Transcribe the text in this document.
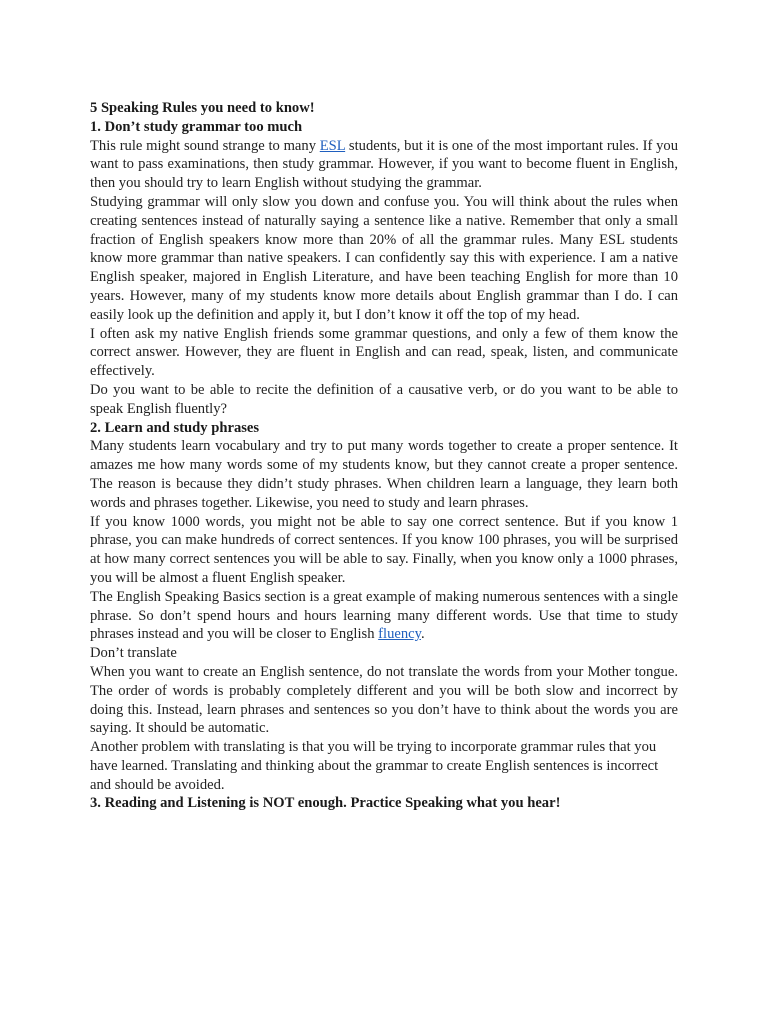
5 Speaking Rules you need to know!

1. Don’t study grammar too much

This rule might sound strange to many ESL students, but it is one of the most important rules. If you want to pass examinations, then study grammar. However, if you want to become fluent in English, then you should try to learn English without studying the grammar.

Studying grammar will only slow you down and confuse you. You will think about the rules when creating sentences instead of naturally saying a sentence like a native. Remember that only a small fraction of English speakers know more than 20% of all the grammar rules. Many ESL students know more grammar than native speakers. I can confidently say this with experience. I am a native English speaker, majored in English Literature, and have been teaching English for more than 10 years. However, many of my students know more details about English grammar than I do. I can easily look up the definition and apply it, but I don’t know it off the top of my head.

I often ask my native English friends some grammar questions, and only a few of them know the correct answer. However, they are fluent in English and can read, speak, listen, and communicate effectively.

Do you want to be able to recite the definition of a causative verb, or do you want to be able to speak English fluently?

2. Learn and study phrases

Many students learn vocabulary and try to put many words together to create a proper sentence. It amazes me how many words some of my students know, but they cannot create a proper sentence. The reason is because they didn’t study phrases. When children learn a language, they learn both words and phrases together. Likewise, you need to study and learn phrases.

If you know 1000 words, you might not be able to say one correct sentence. But if you know 1 phrase, you can make hundreds of correct sentences. If you know 100 phrases, you will be surprised at how many correct sentences you will be able to say. Finally, when you know only a 1000 phrases, you will be almost a fluent English speaker.

The English Speaking Basics section is a great example of making numerous sentences with a single phrase. So don’t spend hours and hours learning many different words. Use that time to study phrases instead and you will be closer to English fluency.

Don’t translate

When you want to create an English sentence, do not translate the words from your Mother tongue. The order of words is probably completely different and you will be both slow and incorrect by doing this. Instead, learn phrases and sentences so you don’t have to think about the words you are saying. It should be automatic.

Another problem with translating is that you will be trying to incorporate grammar rules that you have learned. Translating and thinking about the grammar to create English sentences is incorrect and should be avoided.

3. Reading and Listening is NOT enough. Practice Speaking what you hear!
